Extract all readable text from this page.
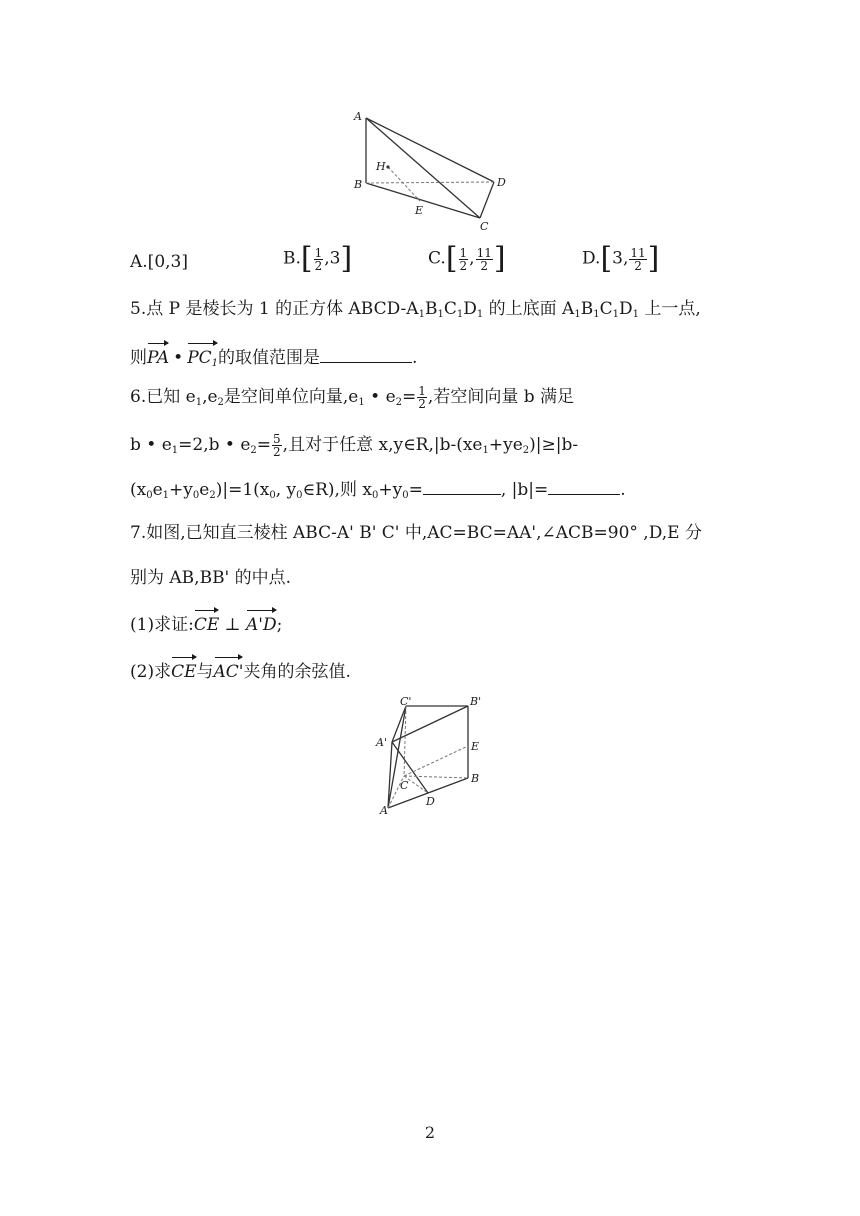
A
B
C
D
E
H
A.[0,3]	$B.[ \frac{1}{2} ,3]$	$C.[ \frac{1}{2}$ , $\frac{11}{2}$ ]	D.[3, $\frac{11}{2}$ ]
5.点 P 是棱长为 1 的正方体 ABCD-$A_1B_1C_1D_1$ 的上底面 $A_1B_1C_1D_1$ 上一点,
则PA • $PC_1$的取值范围是	.
6.已知 $e_1,e_2$是空间单位向量$,e_1$ • $e_2= \frac{1}{2}$ ,若空间向量 b 满足
b • $e_1=2,b$ • $e_2= \frac{5}{2}$ ,且对于任意 $x,y\in R,|b-(xe_1+ye_2)|\ge|b-$
$(x_0e_1+y_0e_2)|=1(x_0$, $y_0\in R$),则 $x_0+y_0=$	, |b|=	.
7.如图,已知直三棱柱 ABC-A' B' C' 中,AC=BC=AA',∠ACB=90° ,D,E 分
别为 AB,BB' 的中点.
(1)求证:CE ⊥ A'D;
(2)求CE与AC'夹角的余弦值.
C'	B'
A'	E
C
B
A
D
2
